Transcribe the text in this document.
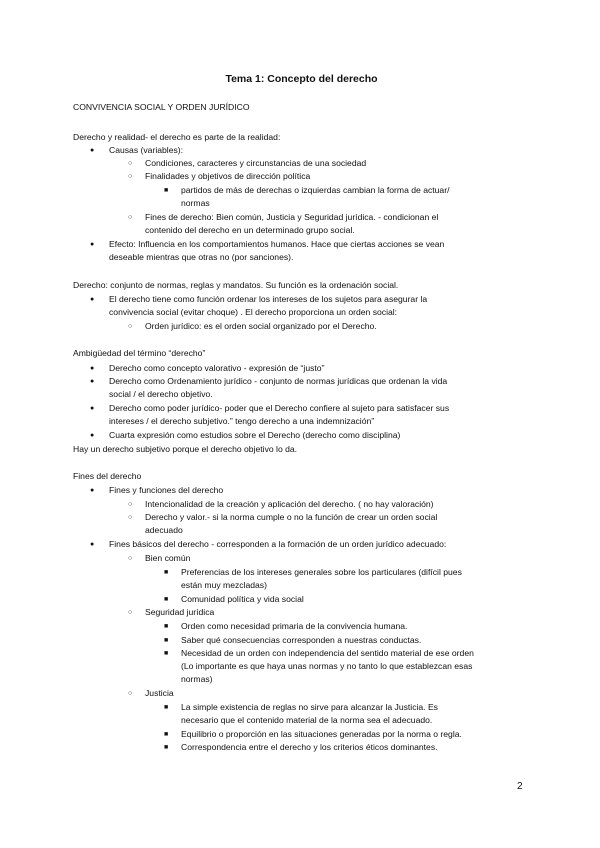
Tema 1: Concepto del derecho
CONVIVENCIA SOCIAL Y ORDEN JURÍDICO
Derecho y realidad- el derecho es parte de la realidad:
● Causas (variables):
○ Condiciones, caracteres y circunstancias de una sociedad
○ Finalidades y objetivos de dirección política
■ partidos de más de derechas o izquierdas cambian la forma de actuar/
normas
○ Fines de derecho: Bien común, Justicia y Seguridad jurídica. - condicionan el
contenido del derecho en un determinado grupo social.
● Efecto: Influencia en los comportamientos humanos. Hace que ciertas acciones se vean
deseable mientras que otras no (por sanciones).
Derecho: conjunto de normas, reglas y mandatos. Su función es la ordenación social.
● El derecho tiene como función ordenar los intereses de los sujetos para asegurar la
convivencia social (evitar choque) . El derecho proporciona un orden social:
○ Orden jurídico: es el orden social organizado por el Derecho.
Ambigüedad del término “derecho”
● Derecho como concepto valorativo - expresión de “justo”
● Derecho como Ordenamiento jurídico - conjunto de normas jurídicas que ordenan la vida
social / el derecho objetivo.
● Derecho como poder jurídico- poder que el Derecho confiere al sujeto para satisfacer sus
intereses / el derecho subjetivo.” tengo derecho a una indemnización”
● Cuarta expresión como estudios sobre el Derecho (derecho como disciplina)
Hay un derecho subjetivo porque el derecho objetivo lo da.
Fines del derecho
● Fines y funciones del derecho
○ Intencionalidad de la creación y aplicación del derecho. ( no hay valoración)
○ Derecho y valor.- si la norma cumple o no la función de crear un orden social
adecuado
● Fines básicos del derecho - corresponden a la formación de un orden jurídico adecuado:
○ Bien común
■ Preferencias de los intereses generales sobre los particulares (difícil pues
están muy mezcladas)
■ Comunidad política y vida social
○ Seguridad jurídica
■ Orden como necesidad primaria de la convivencia humana.
■ Saber qué consecuencias corresponden a nuestras conductas.
■ Necesidad de un orden con independencia del sentido material de ese orden
(Lo importante es que haya unas normas y no tanto lo que establezcan esas
normas)
○ Justicia
■ La simple existencia de reglas no sirve para alcanzar la Justicia. Es
necesario que el contenido material de la norma sea el adecuado.
■ Equilibrio o proporción en las situaciones generadas por la norma o regla.
■ Correspondencia entre el derecho y los criterios éticos dominantes.
2
